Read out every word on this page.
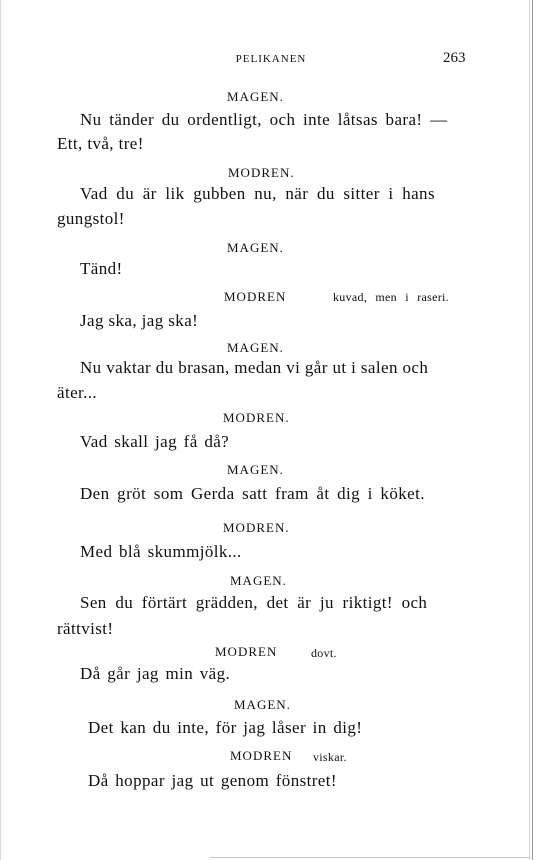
PELIKANEN	263
MAGEN.
Nu tänder du ordentligt, och inte låtsas bara! —
Ett, två, tre!
MODREN.
Vad du är lik gubben nu, när du sitter i hans
gungstol!
MAGEN.
Tänd!
MODREN	kuvad, men i raseri.
Jag ska, jag ska!
MAGEN.
Nu vaktar du brasan, medan vi går ut i salen och
äter...
MODREN.
Vad skall jag få då?
MAGEN.
Den gröt som Gerda satt fram åt dig i köket.
MODREN.
Med blå skummjölk...
MAGEN.
Sen du förtärt grädden, det är ju riktigt! och
rättvist!
MODREN	dovt.
Då går jag min väg.
MAGEN.
Det kan du inte, för jag låser in dig!
MODREN viskar.
Då hoppar jag ut genom fönstret!
